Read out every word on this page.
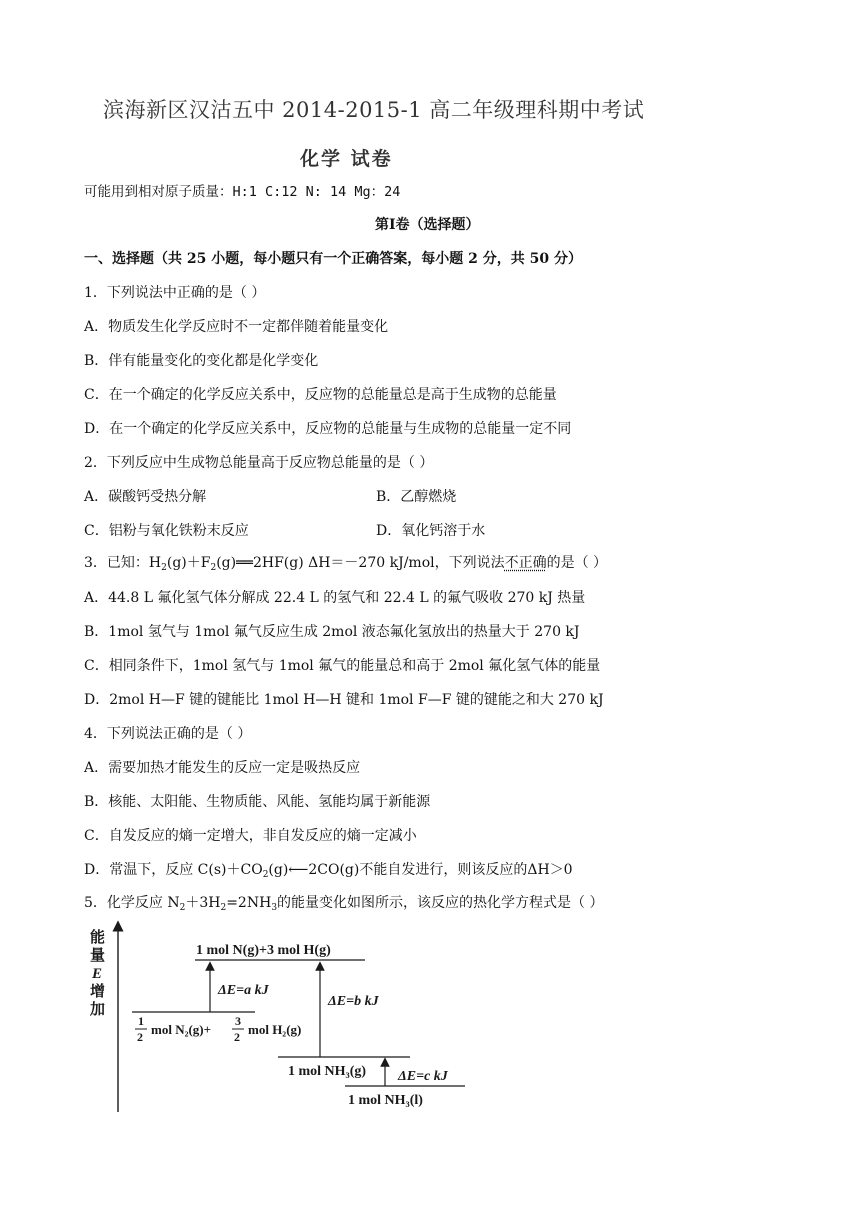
滨海新区汉沽五中 2014-2015-1 高二年级理科期中考试
化学 试卷
可能用到相对原子质量：H:1 C:12 N: 14 Mg：24
第Ⅰ卷（选择题）
一、选择题（共 25 小题，每小题只有一个正确答案，每小题 2 分，共 50 分）
1．下列说法中正确的是（ ）
A．物质发生化学反应时不一定都伴随着能量变化
B．伴有能量变化的变化都是化学变化
C．在一个确定的化学反应关系中，反应物的总能量总是高于生成物的总能量
D．在一个确定的化学反应关系中，反应物的总能量与生成物的总能量一定不同
2．下列反应中生成物总能量高于反应物总能量的是（ ）
A．碳酸钙受热分解	B．乙醇燃烧
C．铝粉与氧化铁粉末反应	D．氧化钙溶于水
3．已知：$H_2(g)+F_2(g)══2HF(g)$ ΔH＝－270 kJ/mol，下列说法不正确的是（ ）
A．44.8 L 氟化氢气体分解成 22.4 L 的氢气和 22.4 L 的氟气吸收 270 kJ 热量
B．1mol 氢气与 1mol 氟气反应生成 2mol 液态氟化氢放出的热量大于 270 kJ
C．相同条件下，1mol 氢气与 1mol 氟气的能量总和高于 2mol 氟化氢气体的能量
D．2mol H—F 键的键能比 1mol H—H 键和 1mol F—F 键的键能之和大 270 kJ
4．下列说法正确的是（ ）
A．需要加热才能发生的反应一定是吸热反应
B．核能、太阳能、生物质能、风能、氢能均属于新能源
C．自发反应的熵一定增大，非自发反应的熵一定减小
D．常温下，反应 $C(s)+CO_2(g)⟵2CO(g)$不能自发进行，则该反应的ΔH＞0
5．化学反应 $N_2+3H_2=2NH_3$的能量变化如图所示，该反应的热化学方程式是（ ）
能
量
E
增
加
1 mol N(g)+3 mol H(g)
1
2 mol N₂(g)+
3
2 mol H₂(g)
ΔE=a kJ
ΔE=b kJ
1 mol NH₃(g) ΔE=c kJ
1 mol NH₃(l)
